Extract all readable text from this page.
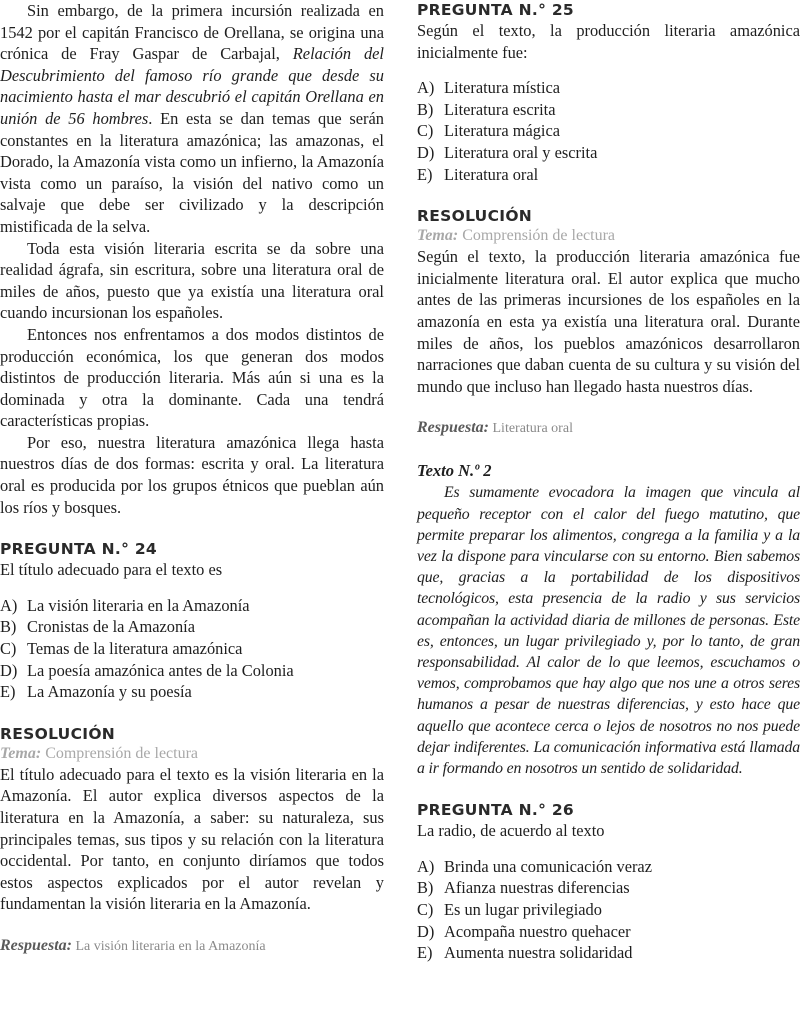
Sin embargo, de la primera incursión realizada en 1542 por el capitán Francisco de Orellana, se origina una crónica de Fray Gaspar de Carbajal, Relación del Descubrimiento del famoso río grande que desde su nacimiento hasta el mar descubrió el capitán Orellana en unión de 56 hombres. En esta se dan temas que serán constantes en la literatura amazónica; las amazonas, el Dorado, la Amazonía vista como un infierno, la Amazonía vista como un paraíso, la visión del nativo como un salvaje que debe ser civilizado y la descripción mistificada de la selva.

Toda esta visión literaria escrita se da sobre una realidad ágrafa, sin escritura, sobre una literatura oral de miles de años, puesto que ya existía una literatura oral cuando incursionan los españoles.

Entonces nos enfrentamos a dos modos distintos de producción económica, los que generan dos modos distintos de producción literaria. Más aún si una es la dominada y otra la dominante. Cada una tendrá características propias.

Por eso, nuestra literatura amazónica llega hasta nuestros días de dos formas: escrita y oral. La literatura oral es producida por los grupos étnicos que pueblan aún los ríos y bosques.

PREGUNTA N.° 24

El título adecuado para el texto es

A) La visión literaria en la Amazonía
B) Cronistas de la Amazonía
C) Temas de la literatura amazónica
D) La poesía amazónica antes de la Colonia
E) La Amazonía y su poesía
RESOLUCIÓN
Tema: Comprensión de lectura

El título adecuado para el texto es la visión literaria en la Amazonía. El autor explica diversos aspectos de la literatura en la Amazonía, a saber: su naturaleza, sus principales temas, sus tipos y su relación con la literatura occidental. Por tanto, en conjunto diríamos que todos estos aspectos explicados por el autor revelan y fundamentan la visión literaria en la Amazonía.

Respuesta: La visión literaria en la Amazonía
PREGUNTA N.° 25

Según el texto, la producción literaria amazónica inicialmente fue:

A) Literatura mística
B) Literatura escrita
C) Literatura mágica
D) Literatura oral y escrita
E) Literatura oral
RESOLUCIÓN
Tema: Comprensión de lectura

Según el texto, la producción literaria amazónica fue inicialmente literatura oral. El autor explica que mucho antes de las primeras incursiones de los españoles en la amazonía en esta ya existía una literatura oral. Durante miles de años, los pueblos amazónicos desarrollaron narraciones que daban cuenta de su cultura y su visión del mundo que incluso han llegado hasta nuestros días.

Respuesta: Literatura oral
Texto N.º 2

Es sumamente evocadora la imagen que vincula al pequeño receptor con el calor del fuego matutino, que permite preparar los alimentos, congrega a la familia y a la vez la dispone para vincularse con su entorno. Bien sabemos que, gracias a la portabilidad de los dispositivos tecnológicos, esta presencia de la radio y sus servicios acompañan la actividad diaria de millones de personas. Este es, entonces, un lugar privilegiado y, por lo tanto, de gran responsabilidad. Al calor de lo que leemos, escuchamos o vemos, comprobamos que hay algo que nos une a otros seres humanos a pesar de nuestras diferencias, y esto hace que aquello que acontece cerca o lejos de nosotros no nos puede dejar indiferentes. La comunicación informativa está llamada a ir formando en nosotros un sentido de solidaridad.

PREGUNTA N.° 26

La radio, de acuerdo al texto

A) Brinda una comunicación veraz
B) Afianza nuestras diferencias
C) Es un lugar privilegiado
D) Acompaña nuestro quehacer
E) Aumenta nuestra solidaridad
